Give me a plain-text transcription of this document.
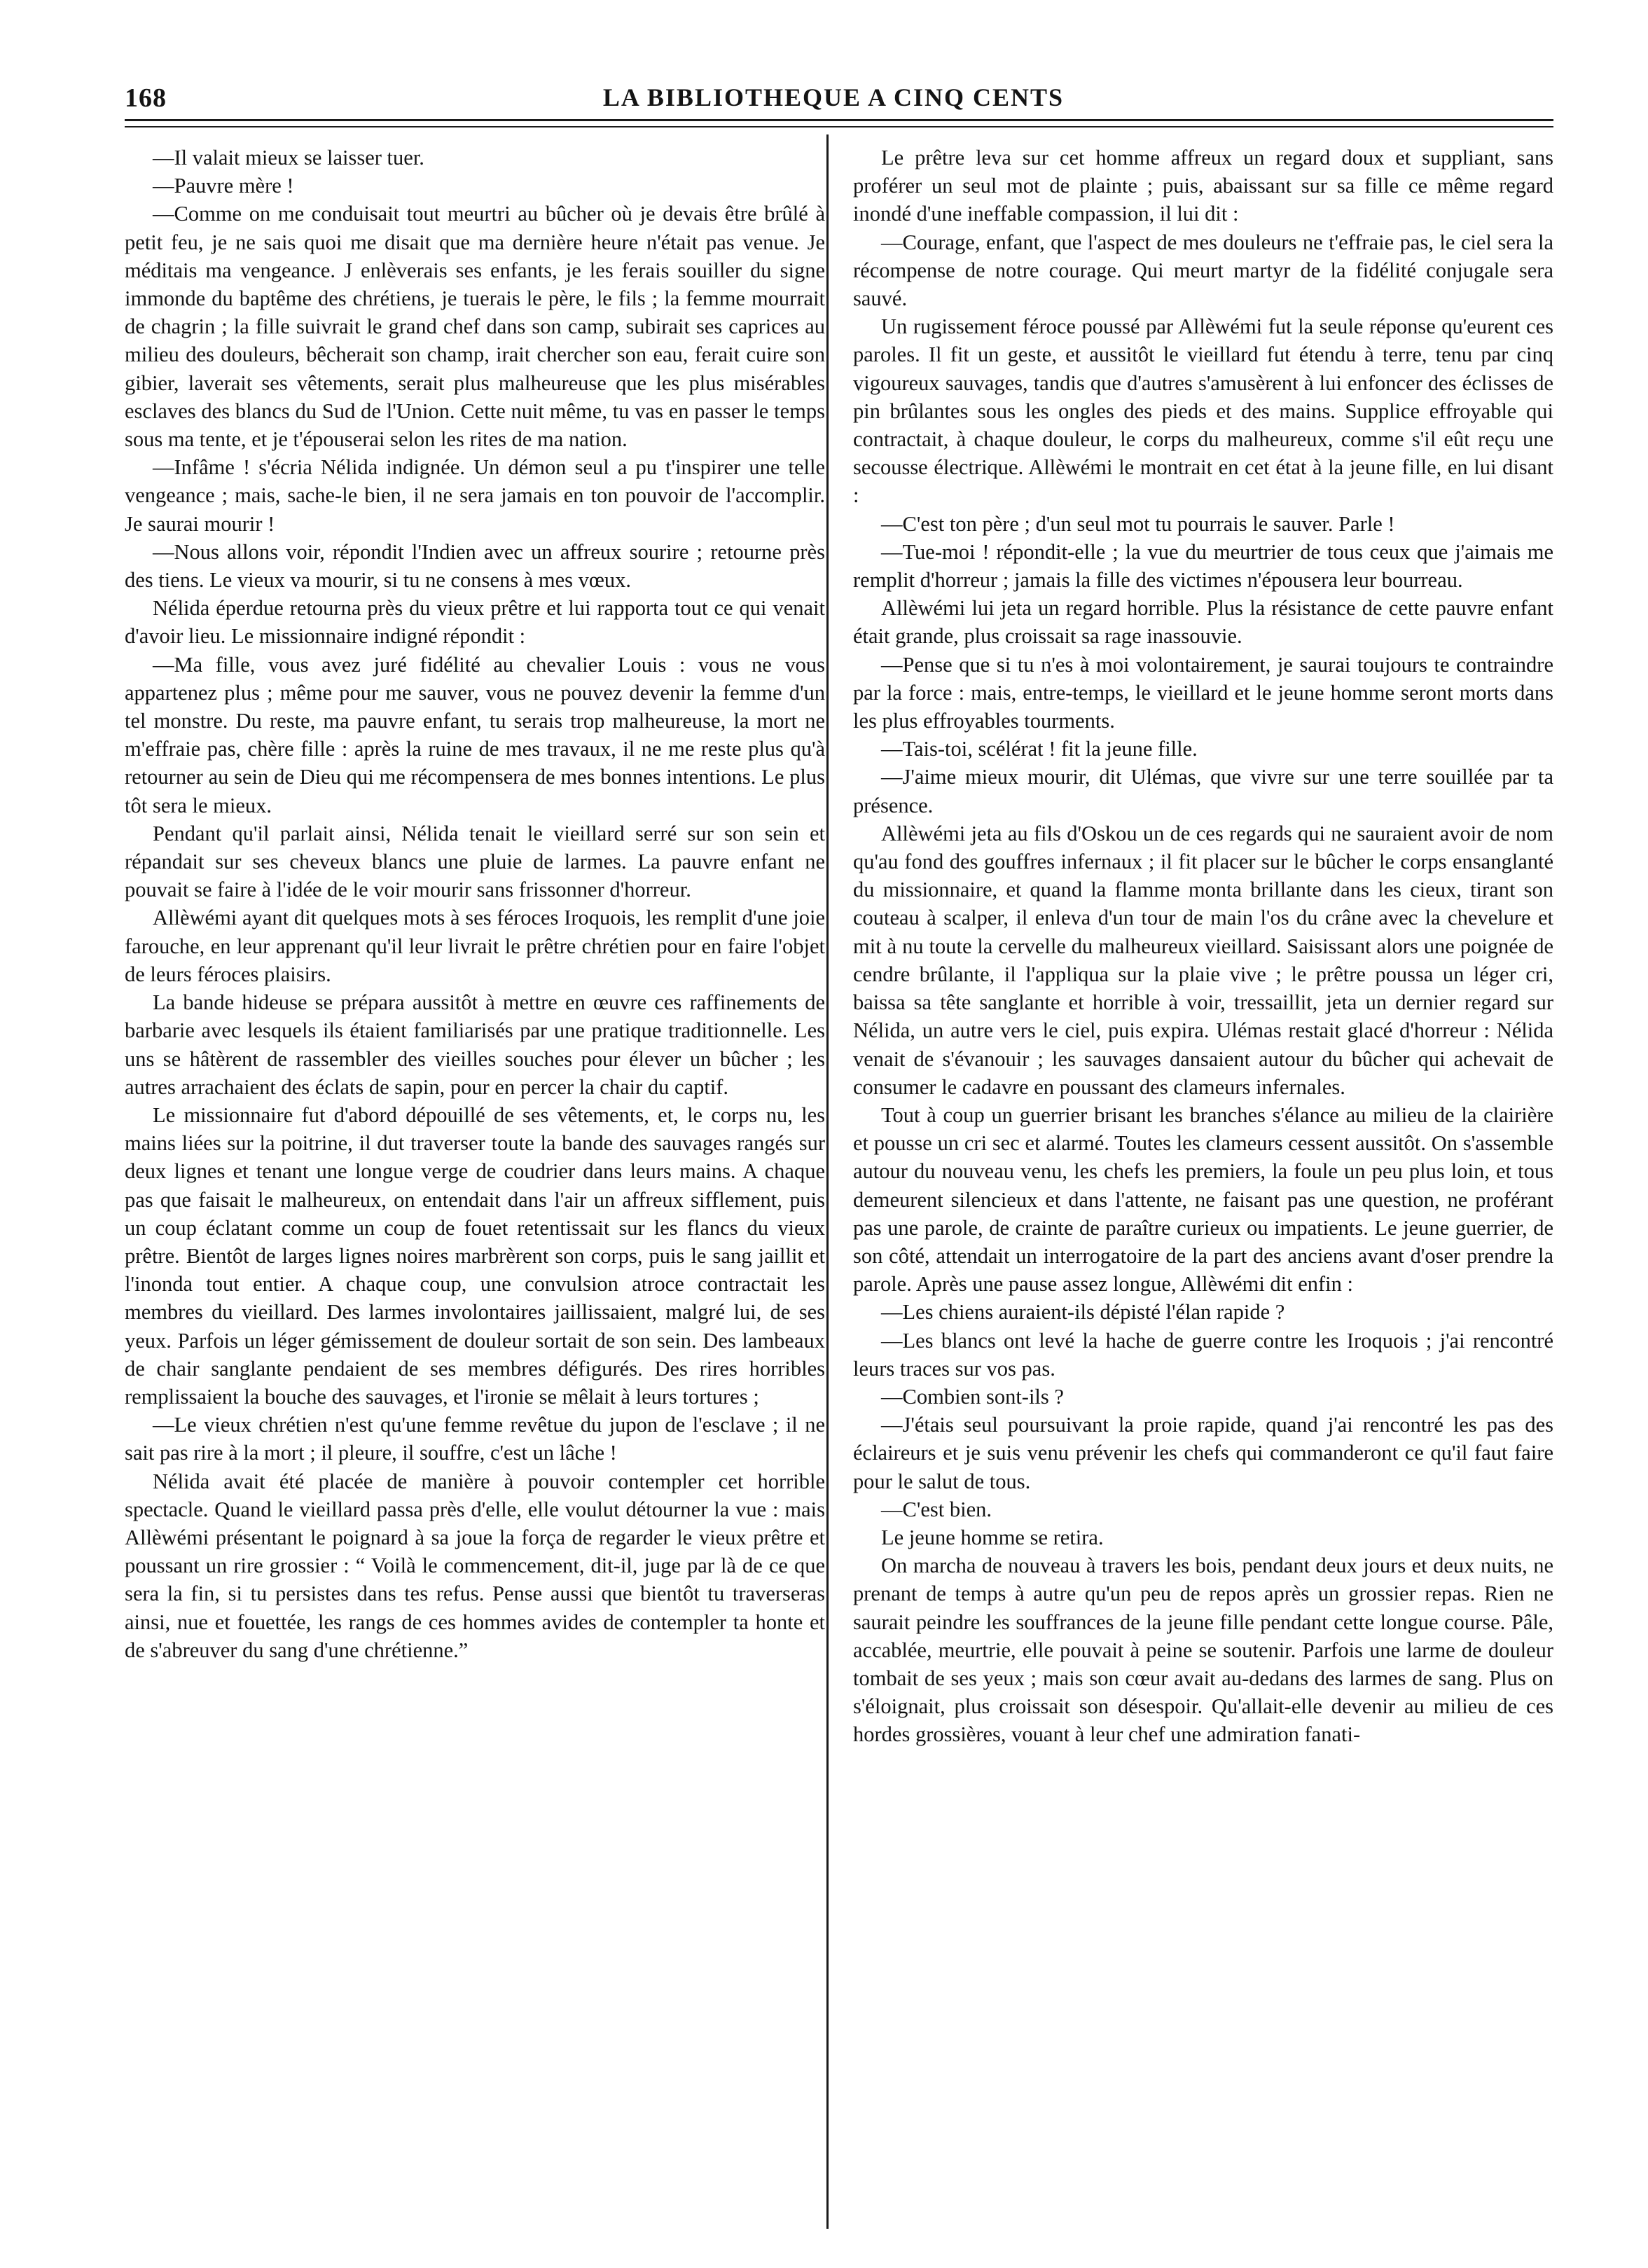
168	LA BIBLIOTHEQUE A CINQ CENTS

—Il valait mieux se laisser tuer.

—Pauvre mère !

—Comme on me conduisait tout meurtri au bûcher où je devais être brûlé à petit feu, je ne sais quoi me disait que ma dernière heure n'était pas venue. Je méditais ma vengeance. J enlèverais ses enfants, je les ferais souiller du signe immonde du baptême des chrétiens, je tuerais le père, le fils ; la femme mourrait de chagrin ; la fille suivrait le grand chef dans son camp, subirait ses caprices au milieu des douleurs, bêcherait son champ, irait chercher son eau, ferait cuire son gibier, laverait ses vêtements, serait plus malheureuse que les plus misérables esclaves des blancs du Sud de l'Union. Cette nuit même, tu vas en passer le temps sous ma tente, et je t'épouserai selon les rites de ma nation.

—Infâme ! s'écria Nélida indignée. Un démon seul a pu t'inspirer une telle vengeance ; mais, sache-le bien, il ne sera jamais en ton pouvoir de l'accomplir. Je saurai mourir !

—Nous allons voir, répondit l'Indien avec un affreux sourire ; retourne près des tiens. Le vieux va mourir, si tu ne consens à mes vœux.

Nélida éperdue retourna près du vieux prêtre et lui rapporta tout ce qui venait d'avoir lieu. Le missionnaire indigné répondit :

—Ma fille, vous avez juré fidélité au chevalier Louis : vous ne vous appartenez plus ; même pour me sauver, vous ne pouvez devenir la femme d'un tel monstre. Du reste, ma pauvre enfant, tu serais trop malheureuse, la mort ne m'effraie pas, chère fille : après la ruine de mes travaux, il ne me reste plus qu'à retourner au sein de Dieu qui me récompensera de mes bonnes intentions. Le plus tôt sera le mieux.

Pendant qu'il parlait ainsi, Nélida tenait le vieillard serré sur son sein et répandait sur ses cheveux blancs une pluie de larmes. La pauvre enfant ne pouvait se faire à l'idée de le voir mourir sans frissonner d'horreur.

Allèwémi ayant dit quelques mots à ses féroces Iroquois, les remplit d'une joie farouche, en leur apprenant qu'il leur livrait le prêtre chrétien pour en faire l'objet de leurs féroces plaisirs.

La bande hideuse se prépara aussitôt à mettre en œuvre ces raffinements de barbarie avec lesquels ils étaient familiarisés par une pratique traditionnelle. Les uns se hâtèrent de rassembler des vieilles souches pour élever un bûcher ; les autres arrachaient des éclats de sapin, pour en percer la chair du captif.

Le missionnaire fut d'abord dépouillé de ses vêtements, et, le corps nu, les mains liées sur la poitrine, il dut traverser toute la bande des sauvages rangés sur deux lignes et tenant une longue verge de coudrier dans leurs mains. A chaque pas que faisait le malheureux, on entendait dans l'air un affreux sifflement, puis un coup éclatant comme un coup de fouet retentissait sur les flancs du vieux prêtre. Bientôt de larges lignes noires marbrèrent son corps, puis le sang jaillit et l'inonda tout entier. A chaque coup, une convulsion atroce contractait les membres du vieillard. Des larmes involontaires jaillissaient, malgré lui, de ses yeux. Parfois un léger gémissement de douleur sortait de son sein. Des lambeaux de chair sanglante pendaient de ses membres défigurés. Des rires horribles remplissaient la bouche des sauvages, et l'ironie se mêlait à leurs tortures ;

—Le vieux chrétien n'est qu'une femme revêtue du jupon de l'esclave ; il ne sait pas rire à la mort ; il pleure, il souffre, c'est un lâche !

Nélida avait été placée de manière à pouvoir contempler cet horrible spectacle. Quand le vieillard passa près d'elle, elle voulut détourner la vue : mais Allèwémi présentant le poignard à sa joue la força de regarder le vieux prêtre et poussant un rire grossier : “ Voilà le commencement, dit-il, juge par là de ce que sera la fin, si tu persistes dans tes refus. Pense aussi que bientôt tu traverseras ainsi, nue et fouettée, les rangs de ces hommes avides de contempler ta honte et de s'abreuver du sang d'une chrétienne.”

Le prêtre leva sur cet homme affreux un regard doux et suppliant, sans proférer un seul mot de plainte ; puis, abaissant sur sa fille ce même regard inondé d'une ineffable compassion, il lui dit :

—Courage, enfant, que l'aspect de mes douleurs ne t'effraie pas, le ciel sera la récompense de notre courage. Qui meurt martyr de la fidélité conjugale sera sauvé.

Un rugissement féroce poussé par Allèwémi fut la seule réponse qu'eurent ces paroles. Il fit un geste, et aussitôt le vieillard fut étendu à terre, tenu par cinq vigoureux sauvages, tandis que d'autres s'amusèrent à lui enfoncer des éclisses de pin brûlantes sous les ongles des pieds et des mains. Supplice effroyable qui contractait, à chaque douleur, le corps du malheureux, comme s'il eût reçu une secousse électrique. Allèwémi le montrait en cet état à la jeune fille, en lui disant :

—C'est ton père ; d'un seul mot tu pourrais le sauver. Parle !

—Tue-moi ! répondit-elle ; la vue du meurtrier de tous ceux que j'aimais me remplit d'horreur ; jamais la fille des victimes n'épousera leur bourreau.

Allèwémi lui jeta un regard horrible. Plus la résistance de cette pauvre enfant était grande, plus croissait sa rage inassouvie.

—Pense que si tu n'es à moi volontairement, je saurai toujours te contraindre par la force : mais, entre-temps, le vieillard et le jeune homme seront morts dans les plus effroyables tourments.

—Tais-toi, scélérat ! fit la jeune fille.

—J'aime mieux mourir, dit Ulémas, que vivre sur une terre souillée par ta présence.

Allèwémi jeta au fils d'Oskou un de ces regards qui ne sauraient avoir de nom qu'au fond des gouffres infernaux ; il fit placer sur le bûcher le corps ensanglanté du missionnaire, et quand la flamme monta brillante dans les cieux, tirant son couteau à scalper, il enleva d'un tour de main l'os du crâne avec la chevelure et mit à nu toute la cervelle du malheureux vieillard. Saisissant alors une poignée de cendre brûlante, il l'appliqua sur la plaie vive ; le prêtre poussa un léger cri, baissa sa tête sanglante et horrible à voir, tressaillit, jeta un dernier regard sur Nélida, un autre vers le ciel, puis expira. Ulémas restait glacé d'horreur : Nélida venait de s'évanouir ; les sauvages dansaient autour du bûcher qui achevait de consumer le cadavre en poussant des clameurs infernales.

Tout à coup un guerrier brisant les branches s'élance au milieu de la clairière et pousse un cri sec et alarmé. Toutes les clameurs cessent aussitôt. On s'assemble autour du nouveau venu, les chefs les premiers, la foule un peu plus loin, et tous demeurent silencieux et dans l'attente, ne faisant pas une question, ne proférant pas une parole, de crainte de paraître curieux ou impatients. Le jeune guerrier, de son côté, attendait un interrogatoire de la part des anciens avant d'oser prendre la parole. Après une pause assez longue, Allèwémi dit enfin :

—Les chiens auraient-ils dépisté l'élan rapide ?

—Les blancs ont levé la hache de guerre contre les Iroquois ; j'ai rencontré leurs traces sur vos pas.

—Combien sont-ils ?

—J'étais seul poursuivant la proie rapide, quand j'ai rencontré les pas des éclaireurs et je suis venu prévenir les chefs qui commanderont ce qu'il faut faire pour le salut de tous.

—C'est bien.

Le jeune homme se retira.

On marcha de nouveau à travers les bois, pendant deux jours et deux nuits, ne prenant de temps à autre qu'un peu de repos après un grossier repas. Rien ne saurait peindre les souffrances de la jeune fille pendant cette longue course. Pâle, accablée, meurtrie, elle pouvait à peine se soutenir. Parfois une larme de douleur tombait de ses yeux ; mais son cœur avait au-dedans des larmes de sang. Plus on s'éloignait, plus croissait son désespoir. Qu'allait-elle devenir au milieu de ces hordes grossières, vouant à leur chef une admiration fanati-
